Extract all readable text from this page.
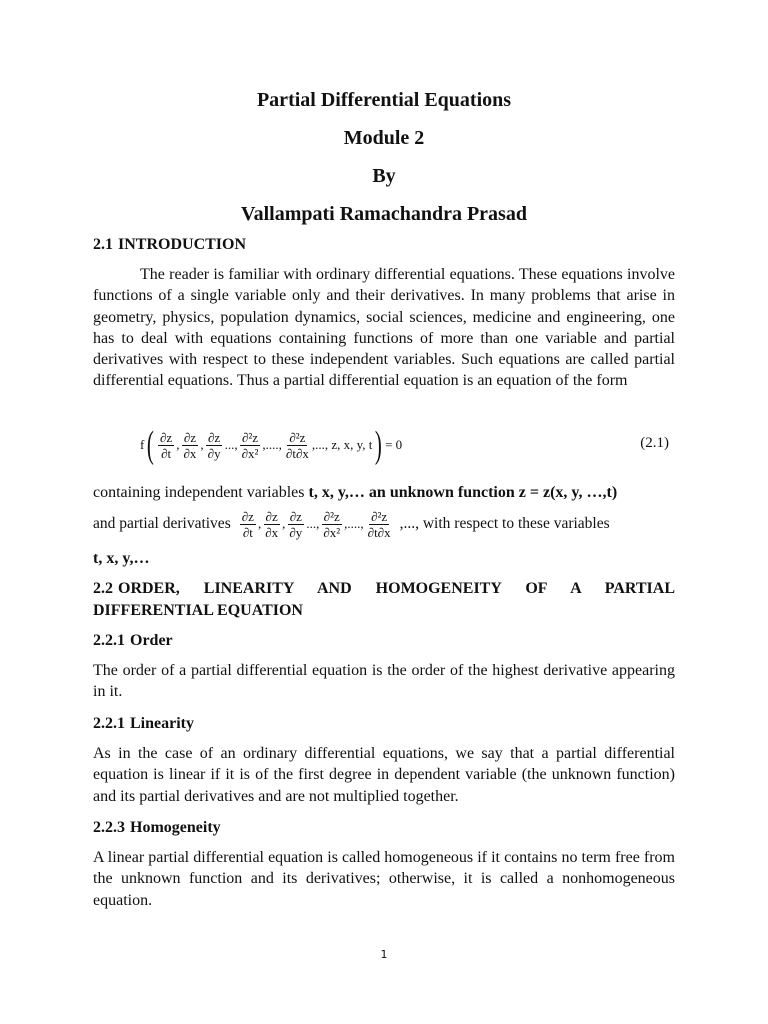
Partial Differential Equations

Module 2

By

Vallampati Ramachandra Prasad

2.1 INTRODUCTION

The reader is familiar with ordinary differential equations. These equations involve functions of a single variable only and their derivatives. In many problems that arise in geometry, physics, population dynamics, social sciences, medicine and engineering, one has to deal with equations containing functions of more than one variable and partial derivatives with respect to these independent variables. Such equations are called partial differential equations. Thus a partial differential equation is an equation of the form

f ( $\frac{\partial z}{\partial t}$ , $\frac{\partial z}{\partial x}$ , $\frac{\partial z}{\partial y}$ ..., $\frac{\text{∂²z}}{\text{∂x²}}$ ,...., $\frac{\text{∂²z}}{\partial t\partial x}$ ,..., z, x, y, t ) = 0	(2.1)

containing independent variables t, x, y,… an unknown function z = z(x, y, …,t)

and partial derivatives $\frac{\partial z}{\partial t}$ , $\frac{\partial z}{\partial x}$ , $\frac{\partial z}{\partial y}$ ..., $\frac{\text{∂²z}}{\text{∂x²}}$ ,...., $\frac{\text{∂²z}}{\partial t\partial x}$ ,..., with respect to these variables

t, x, y,…

2.2 ORDER, LINEARITY AND HOMOGENEITY OF A PARTIAL DIFFERENTIAL EQUATION
2.2.1 Order

The order of a partial differential equation is the order of the highest derivative appearing in it.

2.2.1 Linearity

As in the case of an ordinary differential equations, we say that a partial differential equation is linear if it is of the first degree in dependent variable (the unknown function) and its partial derivatives and are not multiplied together.

2.2.3 Homogeneity

A linear partial differential equation is called homogeneous if it contains no term free from the unknown function and its derivatives; otherwise, it is called a nonhomogeneous equation.

1
